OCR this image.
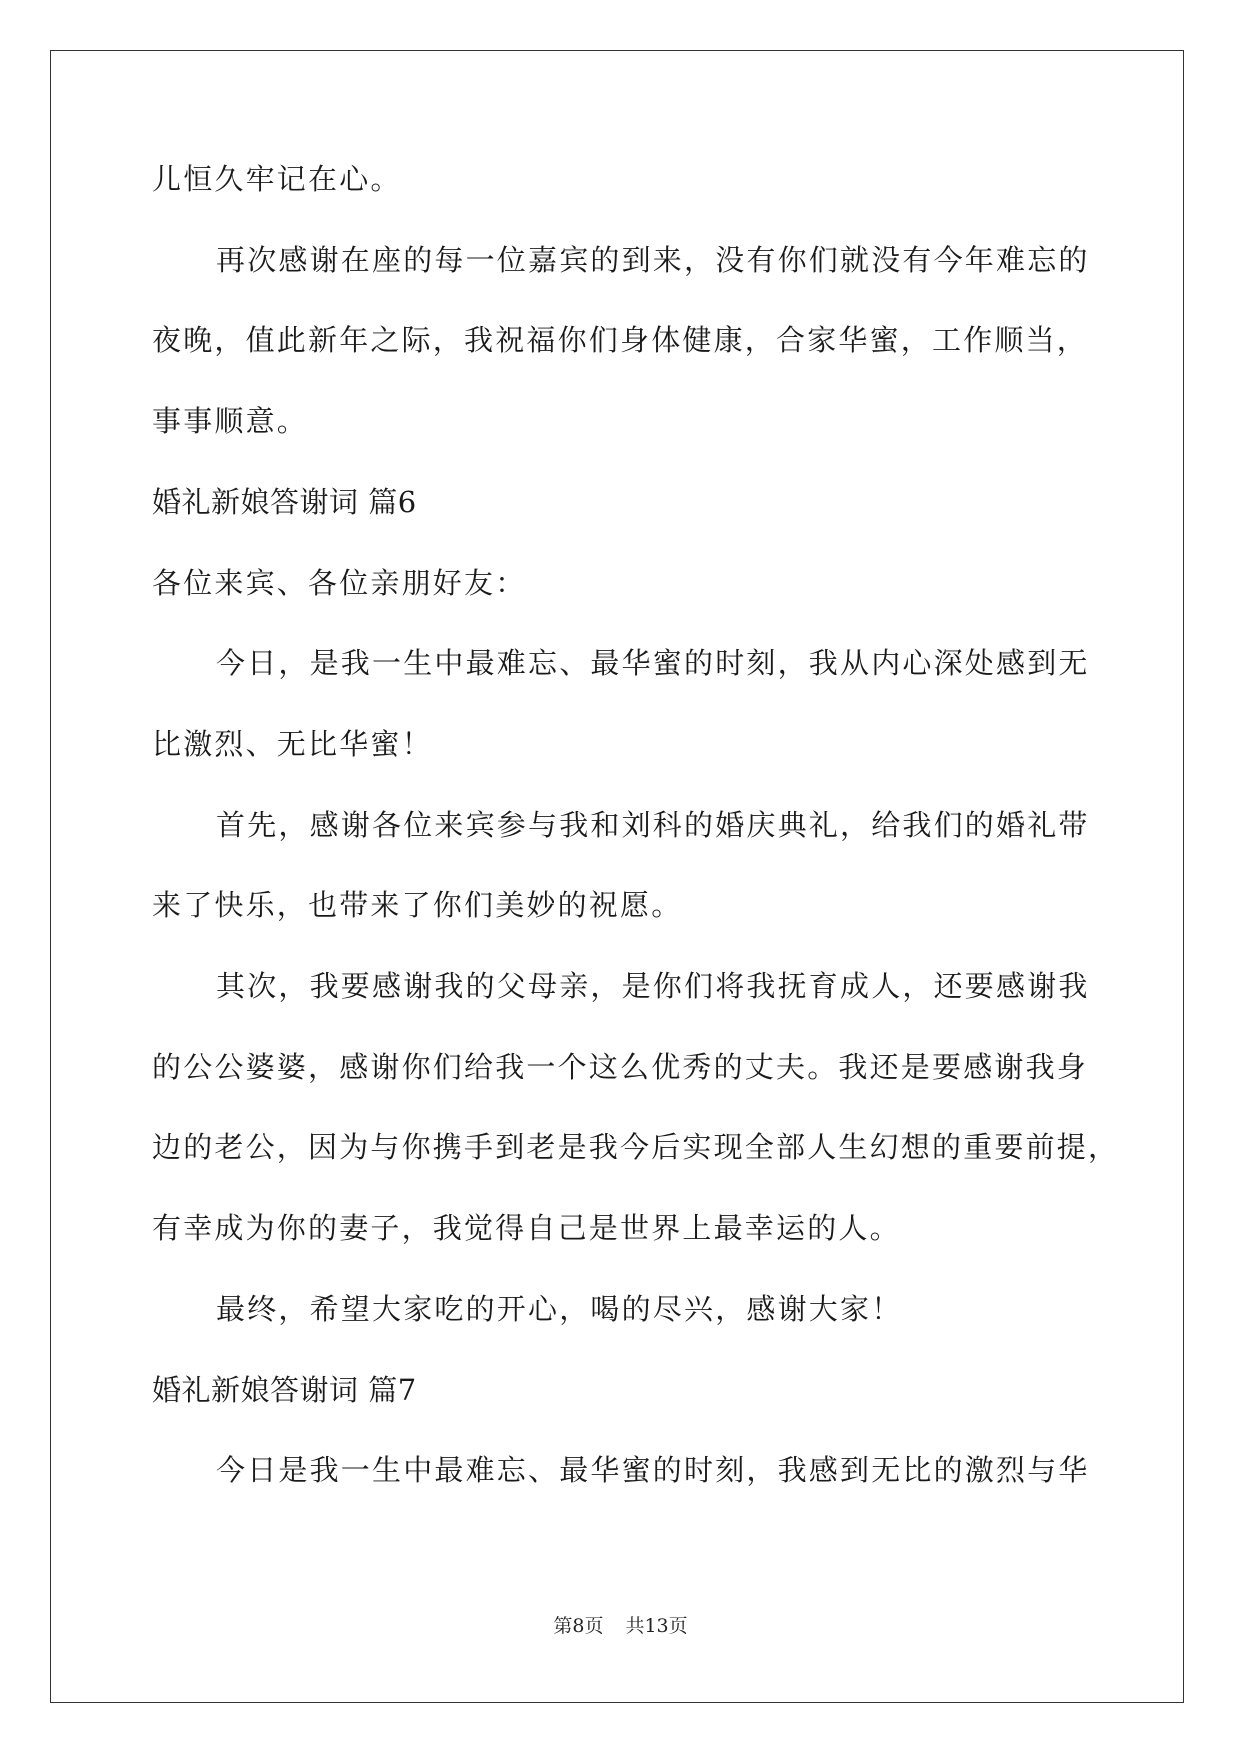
儿恒久牢记在心。
再次感谢在座的每一位嘉宾的到来，没有你们就没有今年难忘的
夜晚，值此新年之际，我祝福你们身体健康，合家华蜜，工作顺当，
事事顺意。
婚礼新娘答谢词 篇6
各位来宾、各位亲朋好友：
今日，是我一生中最难忘、最华蜜的时刻，我从内心深处感到无
比激烈、无比华蜜！
首先，感谢各位来宾参与我和刘科的婚庆典礼，给我们的婚礼带
来了快乐，也带来了你们美妙的祝愿。
其次，我要感谢我的父母亲，是你们将我抚育成人，还要感谢我
的公公婆婆，感谢你们给我一个这么优秀的丈夫。我还是要感谢我身
边的老公，因为与你携手到老是我今后实现全部人生幻想的重要前提，
有幸成为你的妻子，我觉得自己是世界上最幸运的人。
最终，希望大家吃的开心，喝的尽兴，感谢大家！
婚礼新娘答谢词 篇7
今日是我一生中最难忘、最华蜜的时刻，我感到无比的激烈与华
第8页 共13页
